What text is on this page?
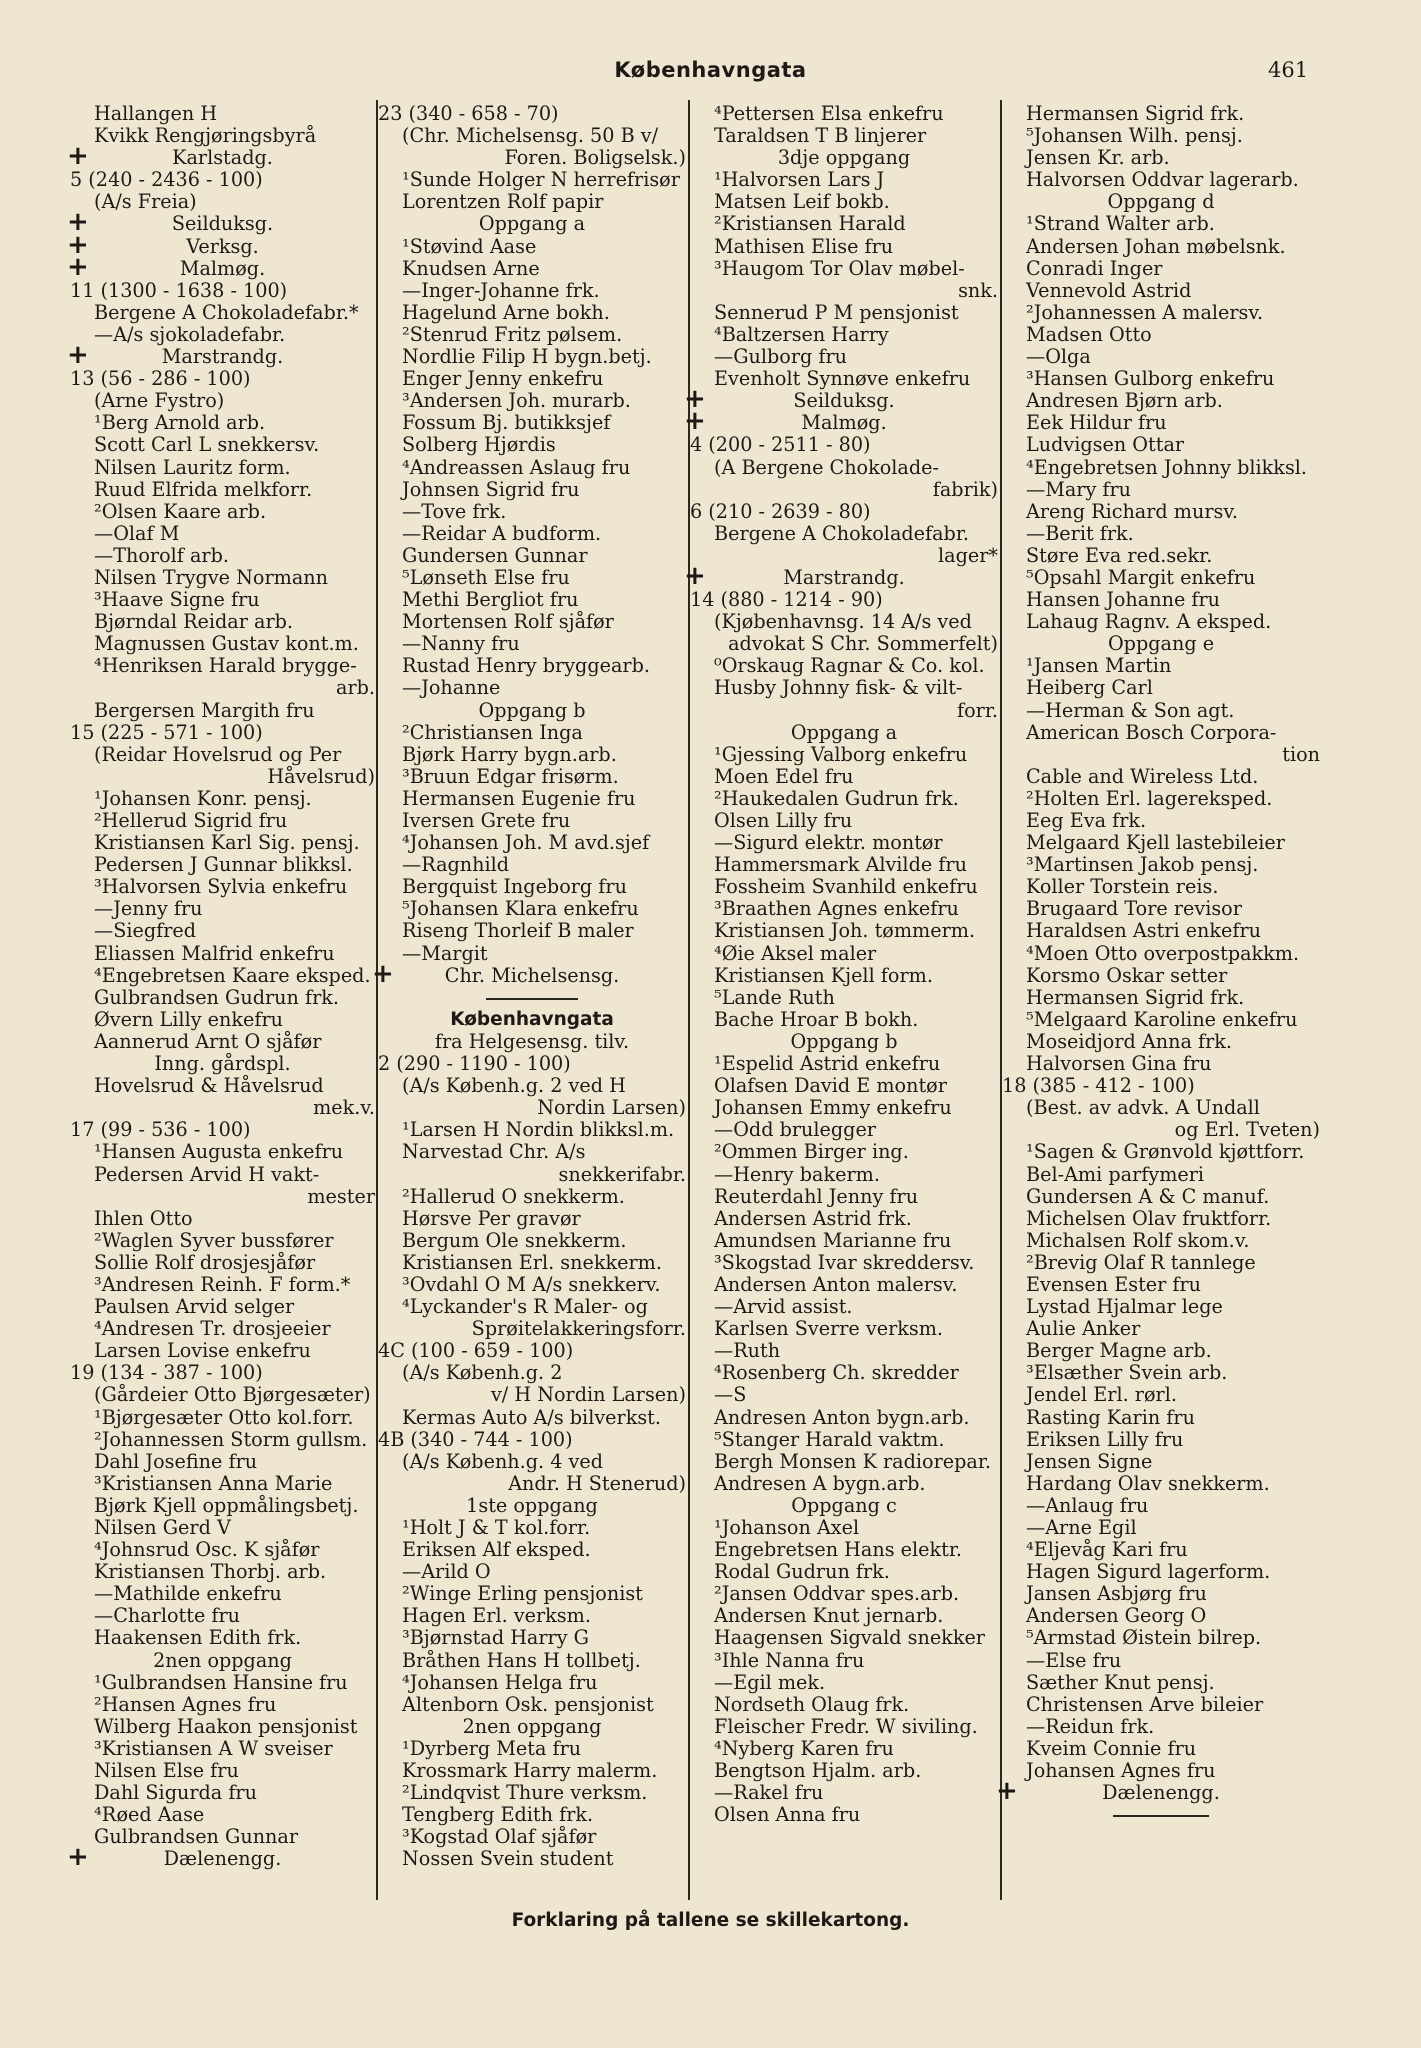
Københavngata	461
Hallangen H
Kvikk Rengjøringsbyrå
+	Karlstadg.
5 (240 - 2436 - 100)
(A/s Freia)
+	Seilduksg.
+	Verksg.
+	Malmøg.
11 (1300 - 1638 - 100)
Bergene A Chokoladefabr.*
—A/s sjokoladefabr.
+	Marstrandg.
13 (56 - 286 - 100)
(Arne Fystro)
¹Berg Arnold arb.
Scott Carl L snekkersv.
Nilsen Lauritz form.
Ruud Elfrida melkforr.
²Olsen Kaare arb.
—Olaf M
—Thorolf arb.
Nilsen Trygve Normann
³Haave Signe fru
Bjørndal Reidar arb.
Magnussen Gustav kont.m.
⁴Henriksen Harald brygge-
arb.
Bergersen Margith fru
15 (225 - 571 - 100)
(Reidar Hovelsrud og Per
Håvelsrud)
¹Johansen Konr. pensj.
²Hellerud Sigrid fru
Kristiansen Karl Sig. pensj.
Pedersen J Gunnar blikksl.
³Halvorsen Sylvia enkefru
—Jenny fru
—Siegfred
Eliassen Malfrid enkefru
⁴Engebretsen Kaare eksped.
Gulbrandsen Gudrun frk.
Øvern Lilly enkefru
Aannerud Arnt O sjåfør
Inng. gårdspl.
Hovelsrud & Håvelsrud
mek.v.
17 (99 - 536 - 100)
¹Hansen Augusta enkefru
Pedersen Arvid H vakt-
mester
Ihlen Otto
²Waglen Syver bussfører
Sollie Rolf drosjesjåfør
³Andresen Reinh. F form.*
Paulsen Arvid selger
⁴Andresen Tr. drosjeeier
Larsen Lovise enkefru
19 (134 - 387 - 100)
(Gårdeier Otto Bjørgesæter)
¹Bjørgesæter Otto kol.forr.
²Johannessen Storm gullsm.
Dahl Josefine fru
³Kristiansen Anna Marie
Bjørk Kjell oppmålingsbetj.
Nilsen Gerd V
⁴Johnsrud Osc. K sjåfør
Kristiansen Thorbj. arb.
—Mathilde enkefru
—Charlotte fru
Haakensen Edith frk.
2nen oppgang
¹Gulbrandsen Hansine fru
²Hansen Agnes fru
Wilberg Haakon pensjonist
³Kristiansen A W sveiser
Nilsen Else fru
Dahl Sigurda fru
⁴Røed Aase
Gulbrandsen Gunnar
+	Dælenengg.
23 (340 - 658 - 70)
(Chr. Michelsensg. 50 B v/
Foren. Boligselsk.)
¹Sunde Holger N herrefrisør
Lorentzen Rolf papir
Oppgang a
¹Støvind Aase
Knudsen Arne
—Inger-Johanne frk.
Hagelund Arne bokh.
²Stenrud Fritz pølsem.
Nordlie Filip H bygn.betj.
Enger Jenny enkefru
³Andersen Joh. murarb.
Fossum Bj. butikksjef
Solberg Hjørdis
⁴Andreassen Aslaug fru
Johnsen Sigrid fru
—Tove frk.
—Reidar A budform.
Gundersen Gunnar
⁵Lønseth Else fru
Methi Bergliot fru
Mortensen Rolf sjåfør
—Nanny fru
Rustad Henry bryggearb.
—Johanne
Oppgang b
²Christiansen Inga
Bjørk Harry bygn.arb.
³Bruun Edgar frisørm.
Hermansen Eugenie fru
Iversen Grete fru
⁴Johansen Joh. M avd.sjef
—Ragnhild
Bergquist Ingeborg fru
⁵Johansen Klara enkefru
Riseng Thorleif B maler
—Margit
+	Chr. Michelsensg.
Københavngata
fra Helgesensg. tilv.
2 (290 - 1190 - 100)
(A/s Københ.g. 2 ved H
Nordin Larsen)
¹Larsen H Nordin blikksl.m.
Narvestad Chr. A/s
snekkerifabr.
²Hallerud O snekkerm.
Hørsve Per gravør
Bergum Ole snekkerm.
Kristiansen Erl. snekkerm.
³Ovdahl O M A/s snekkerv.
⁴Lyckander's R Maler- og
Sprøitelakkeringsforr.
4C (100 - 659 - 100)
(A/s Københ.g. 2
v/ H Nordin Larsen)
Kermas Auto A/s bilverkst.
4B (340 - 744 - 100)
(A/s Københ.g. 4 ved
Andr. H Stenerud)
1ste oppgang
¹Holt J & T kol.forr.
Eriksen Alf eksped.
—Arild O
²Winge Erling pensjonist
Hagen Erl. verksm.
³Bjørnstad Harry G
Bråthen Hans H tollbetj.
⁴Johansen Helga fru
Altenborn Osk. pensjonist
2nen oppgang
¹Dyrberg Meta fru
Krossmark Harry malerm.
²Lindqvist Thure verksm.
Tengberg Edith frk.
³Kogstad Olaf sjåfør
Nossen Svein student
⁴Pettersen Elsa enkefru
Taraldsen T B linjerer
3dje oppgang
¹Halvorsen Lars J
Matsen Leif bokb.
²Kristiansen Harald
Mathisen Elise fru
³Haugom Tor Olav møbel-
snk.
Sennerud P M pensjonist
⁴Baltzersen Harry
—Gulborg fru
Evenholt Synnøve enkefru
+	Seilduksg.
+	Malmøg.
4 (200 - 2511 - 80)
(A Bergene Chokolade-
fabrik)
6 (210 - 2639 - 80)
Bergene A Chokoladefabr.
lager*
+	Marstrandg.
14 (880 - 1214 - 90)
(Kjøbenhavnsg. 14 A/s ved
advokat S Chr. Sommerfelt)
⁰Orskaug Ragnar & Co. kol.
Husby Johnny fisk- & vilt-
forr.
Oppgang a
¹Gjessing Valborg enkefru
Moen Edel fru
²Haukedalen Gudrun frk.
Olsen Lilly fru
—Sigurd elektr. montør
Hammersmark Alvilde fru
Fossheim Svanhild enkefru
³Braathen Agnes enkefru
Kristiansen Joh. tømmerm.
⁴Øie Aksel maler
Kristiansen Kjell form.
⁵Lande Ruth
Bache Hroar B bokh.
Oppgang b
¹Espelid Astrid enkefru
Olafsen David E montør
Johansen Emmy enkefru
—Odd brulegger
²Ommen Birger ing.
—Henry bakerm.
Reuterdahl Jenny fru
Andersen Astrid frk.
Amundsen Marianne fru
³Skogstad Ivar skreddersv.
Andersen Anton malersv.
—Arvid assist.
Karlsen Sverre verksm.
—Ruth
⁴Rosenberg Ch. skredder
—S
Andresen Anton bygn.arb.
⁵Stanger Harald vaktm.
Bergh Monsen K radiorepar.
Andresen A bygn.arb.
Oppgang c
¹Johanson Axel
Engebretsen Hans elektr.
Rodal Gudrun frk.
²Jansen Oddvar spes.arb.
Andersen Knut jernarb.
Haagensen Sigvald snekker
³Ihle Nanna fru
—Egil mek.
Nordseth Olaug frk.
Fleischer Fredr. W siviling.
⁴Nyberg Karen fru
Bengtson Hjalm. arb.
—Rakel fru
Olsen Anna fru
Hermansen Sigrid frk.
⁵Johansen Wilh. pensj.
Jensen Kr. arb.
Halvorsen Oddvar lagerarb.
Oppgang d
¹Strand Walter arb.
Andersen Johan møbelsnk.
Conradi Inger
Vennevold Astrid
²Johannessen A malersv.
Madsen Otto
—Olga
³Hansen Gulborg enkefru
Andresen Bjørn arb.
Eek Hildur fru
Ludvigsen Ottar
⁴Engebretsen Johnny blikksl.
—Mary fru
Areng Richard mursv.
—Berit frk.
Støre Eva red.sekr.
⁵Opsahl Margit enkefru
Hansen Johanne fru
Lahaug Ragnv. A eksped.
Oppgang e
¹Jansen Martin
Heiberg Carl
—Herman & Son agt.
American Bosch Corpora-
tion
Cable and Wireless Ltd.
²Holten Erl. lagereksped.
Eeg Eva frk.
Melgaard Kjell lastebileier
³Martinsen Jakob pensj.
Koller Torstein reis.
Brugaard Tore revisor
Haraldsen Astri enkefru
⁴Moen Otto overpostpakkm.
Korsmo Oskar setter
Hermansen Sigrid frk.
⁵Melgaard Karoline enkefru
Moseidjord Anna frk.
Halvorsen Gina fru
18 (385 - 412 - 100)
(Best. av advk. A Undall
og Erl. Tveten)
¹Sagen & Grønvold kjøttforr.
Bel-Ami parfymeri
Gundersen A & C manuf.
Michelsen Olav fruktforr.
Michalsen Rolf skom.v.
²Brevig Olaf R tannlege
Evensen Ester fru
Lystad Hjalmar lege
Aulie Anker
Berger Magne arb.
³Elsæther Svein arb.
Jendel Erl. rørl.
Rasting Karin fru
Eriksen Lilly fru
Jensen Signe
Hardang Olav snekkerm.
—Anlaug fru
—Arne Egil
⁴Eljevåg Kari fru
Hagen Sigurd lagerform.
Jansen Asbjørg fru
Andersen Georg O
⁵Armstad Øistein bilrep.
—Else fru
Sæther Knut pensj.
Christensen Arve bileier
—Reidun frk.
Kveim Connie fru
Johansen Agnes fru
+	Dælenengg.
Forklaring på tallene se skillekartong.
